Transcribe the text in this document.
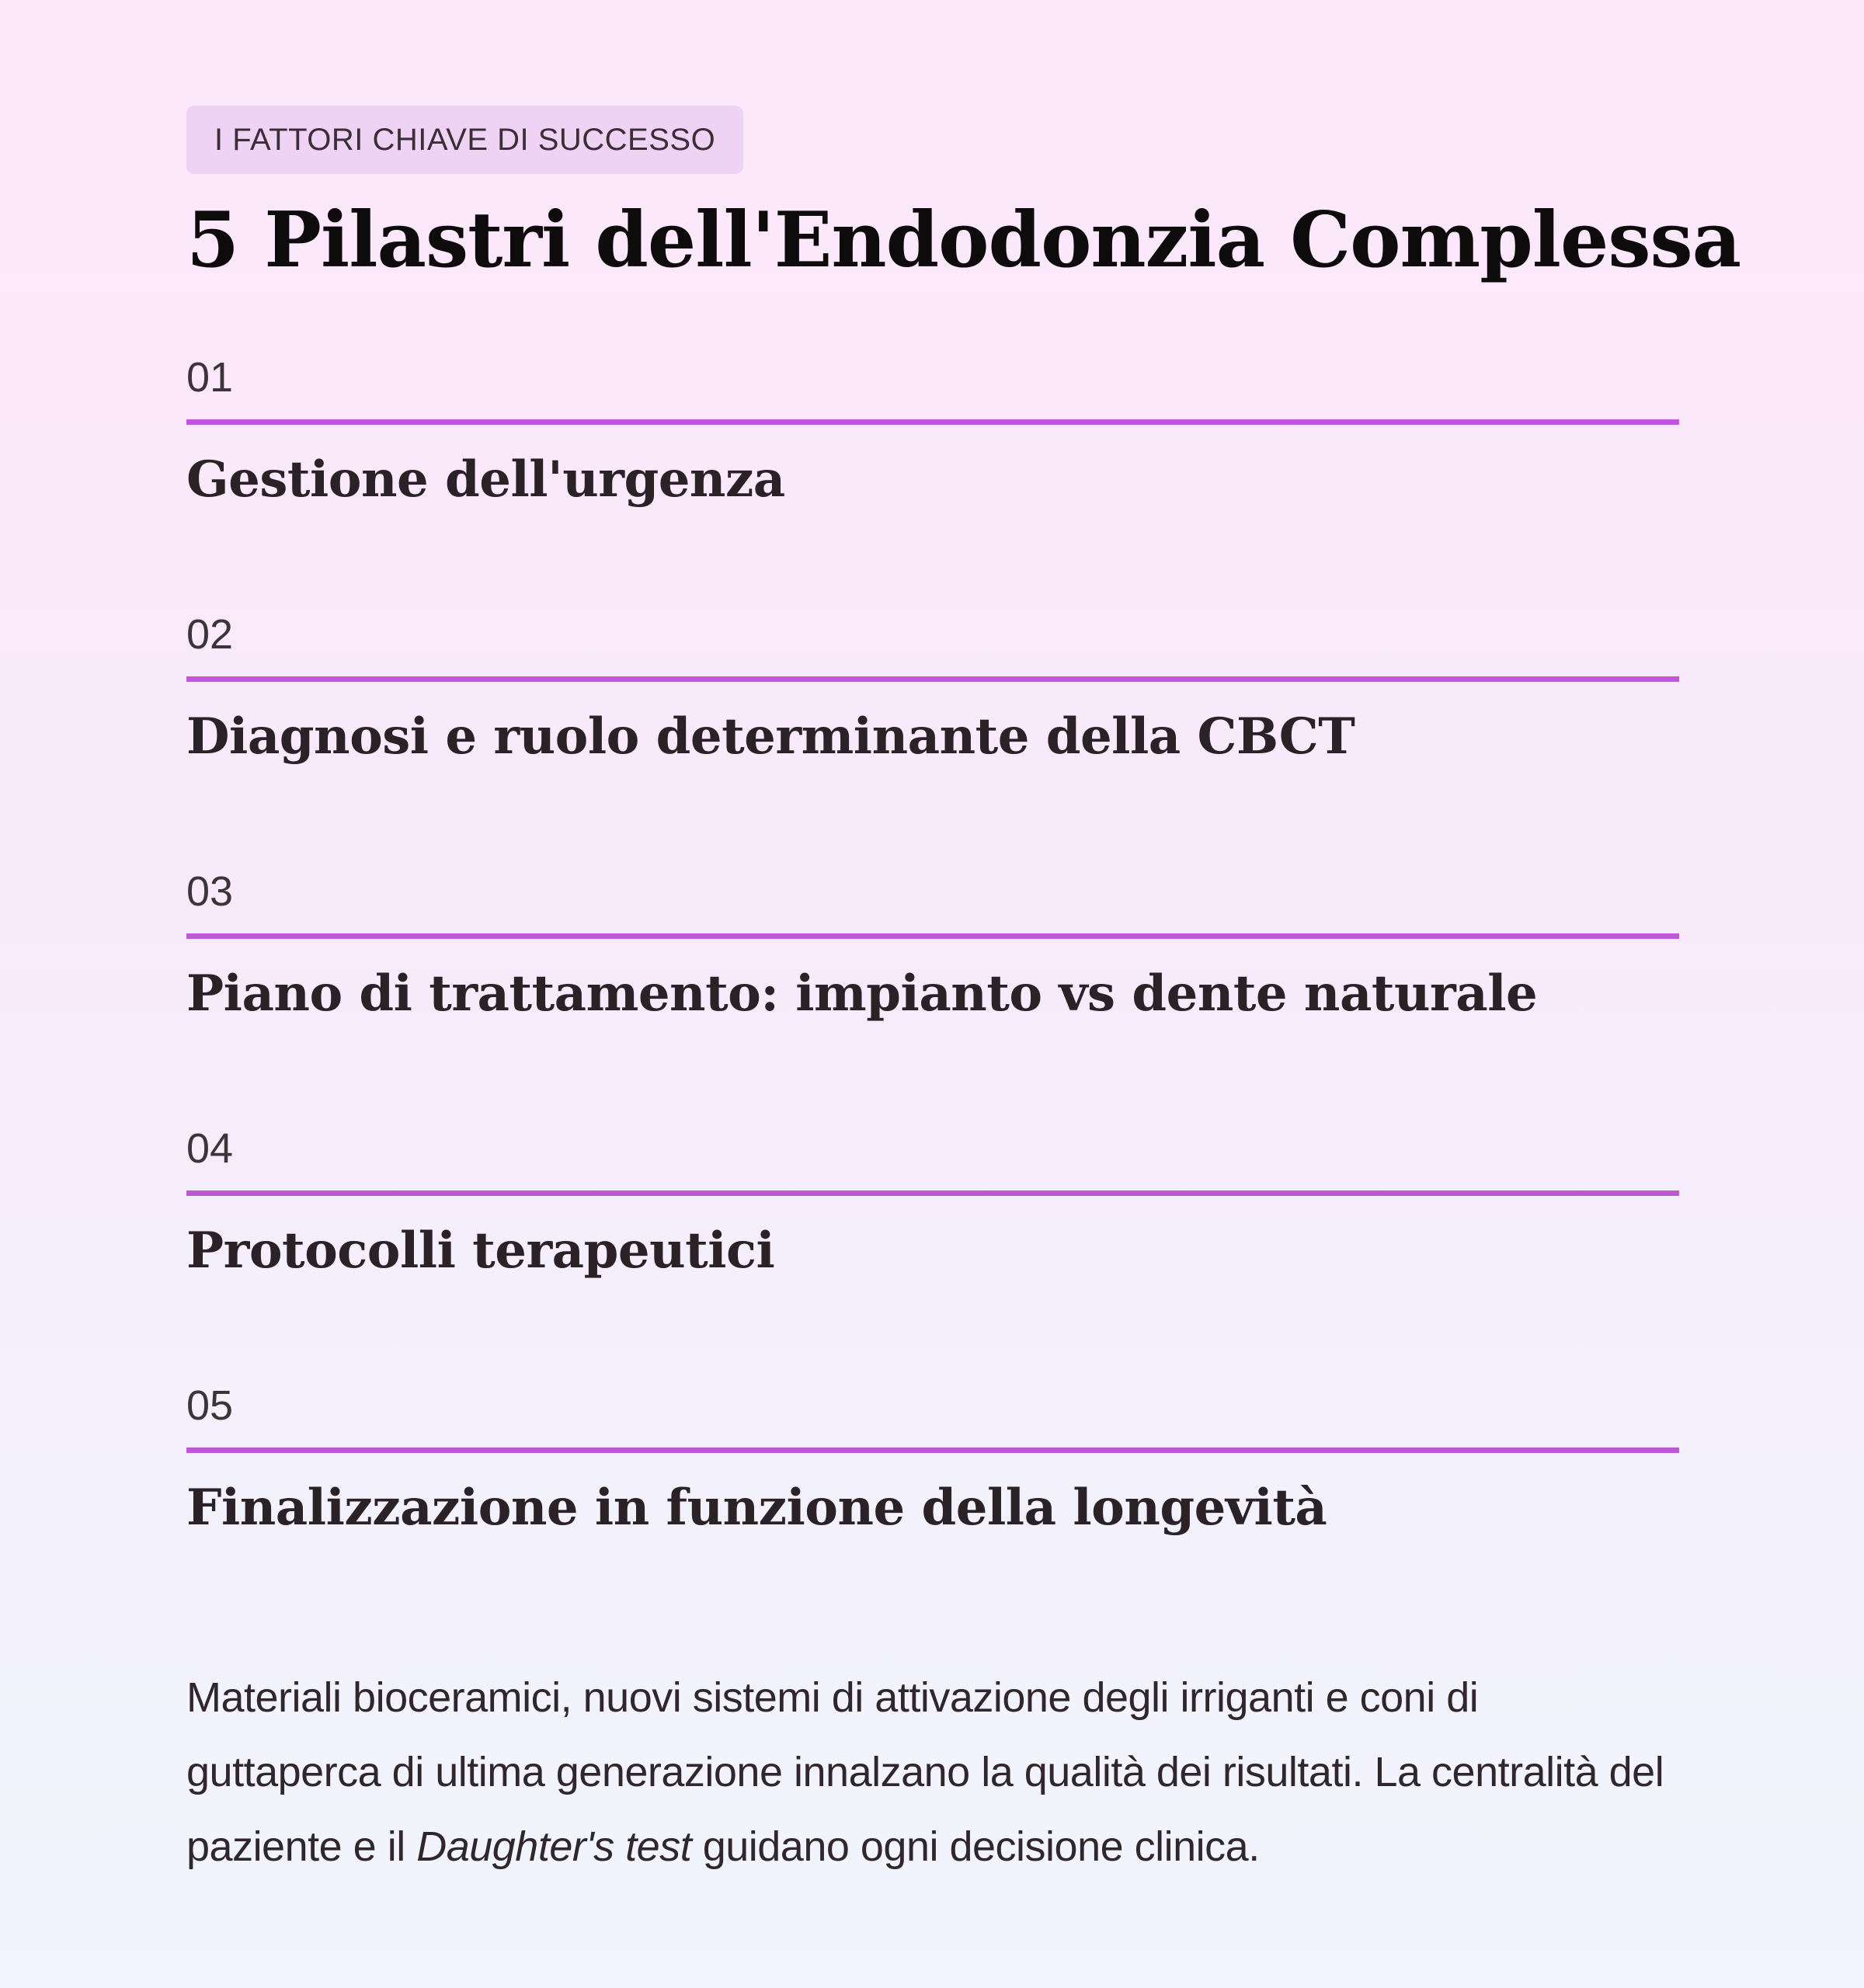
I FATTORI CHIAVE DI SUCCESSO
5 Pilastri dell'Endodonzia Complessa
01
Gestione dell'urgenza
02
Diagnosi e ruolo determinante della CBCT
03
Piano di trattamento: impianto vs dente naturale
04
Protocolli terapeutici
05
Finalizzazione in funzione della longevità

Materiali bioceramici, nuovi sistemi di attivazione degli irriganti e coni di guttaperca di ultima generazione innalzano la qualità dei risultati. La centralità del paziente e il Daughter's test guidano ogni decisione clinica.
